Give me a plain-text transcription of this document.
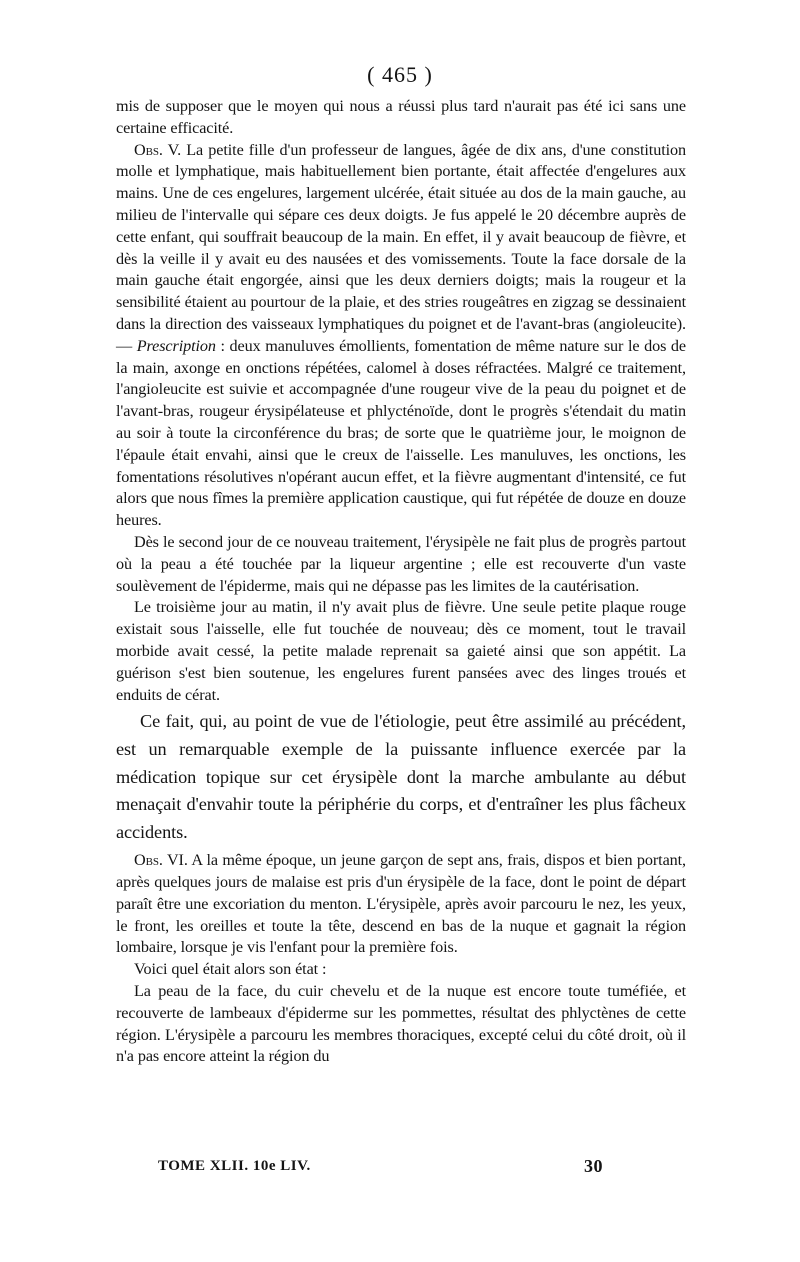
( 465 )

mis de supposer que le moyen qui nous a réussi plus tard n'aurait pas été ici sans une certaine efficacité.

Obs. V. La petite fille d'un professeur de langues, âgée de dix ans, d'une constitution molle et lymphatique, mais habituellement bien portante, était affectée d'engelures aux mains. Une de ces engelures, largement ulcérée, était située au dos de la main gauche, au milieu de l'intervalle qui sépare ces deux doigts. Je fus appelé le 20 décembre auprès de cette enfant, qui souffrait beaucoup de la main. En effet, il y avait beaucoup de fièvre, et dès la veille il y avait eu des nausées et des vomissements. Toute la face dorsale de la main gauche était engorgée, ainsi que les deux derniers doigts; mais la rougeur et la sensibilité étaient au pourtour de la plaie, et des stries rougeâtres en zigzag se dessinaient dans la direction des vaisseaux lymphatiques du poignet et de l'avant-bras (angioleucite). — Prescription : deux manuluves émollients, fomentation de même nature sur le dos de la main, axonge en onctions répétées, calomel à doses réfractées. Malgré ce traitement, l'angioleucite est suivie et accompagnée d'une rougeur vive de la peau du poignet et de l'avant-bras, rougeur érysipélateuse et phlycténoïde, dont le progrès s'étendait du matin au soir à toute la circonférence du bras; de sorte que le quatrième jour, le moignon de l'épaule était envahi, ainsi que le creux de l'aisselle. Les manuluves, les onctions, les fomentations résolutives n'opérant aucun effet, et la fièvre augmentant d'intensité, ce fut alors que nous fîmes la première application caustique, qui fut répétée de douze en douze heures.

Dès le second jour de ce nouveau traitement, l'érysipèle ne fait plus de progrès partout où la peau a été touchée par la liqueur argentine ; elle est recouverte d'un vaste soulèvement de l'épiderme, mais qui ne dépasse pas les limites de la cautérisation.

Le troisième jour au matin, il n'y avait plus de fièvre. Une seule petite plaque rouge existait sous l'aisselle, elle fut touchée de nouveau; dès ce moment, tout le travail morbide avait cessé, la petite malade reprenait sa gaieté ainsi que son appétit. La guérison s'est bien soutenue, les engelures furent pansées avec des linges troués et enduits de cérat.

Ce fait, qui, au point de vue de l'étiologie, peut être assimilé au précédent, est un remarquable exemple de la puissante influence exercée par la médication topique sur cet érysipèle dont la marche ambulante au début menaçait d'envahir toute la périphérie du corps, et d'entraîner les plus fâcheux accidents.

Obs. VI. A la même époque, un jeune garçon de sept ans, frais, dispos et bien portant, après quelques jours de malaise est pris d'un érysipèle de la face, dont le point de départ paraît être une excoriation du menton. L'érysipèle, après avoir parcouru le nez, les yeux, le front, les oreilles et toute la tête, descend en bas de la nuque et gagnait la région lombaire, lorsque je vis l'enfant pour la première fois.

Voici quel était alors son état :

La peau de la face, du cuir chevelu et de la nuque est encore toute tuméfiée, et recouverte de lambeaux d'épiderme sur les pommettes, résultat des phlyctènes de cette région. L'érysipèle a parcouru les membres thoraciques, excepté celui du côté droit, où il n'a pas encore atteint la région du

TOME XLII. 10e LIV.	30
